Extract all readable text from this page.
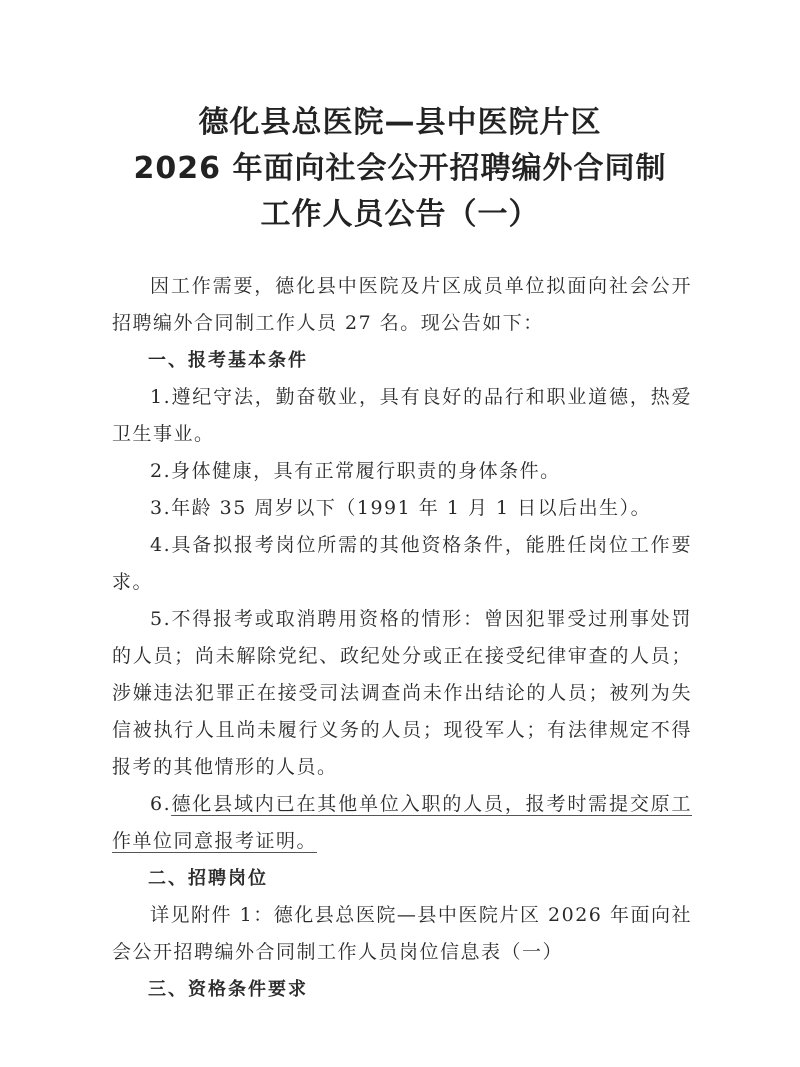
德化县总医院—县中医院片区
2026 年面向社会公开招聘编外合同制
工作人员公告（一）

因工作需要，德化县中医院及片区成员单位拟面向社会公开招聘编外合同制工作人员 27 名。现公告如下：

一、报考基本条件

1.遵纪守法，勤奋敬业，具有良好的品行和职业道德，热爱卫生事业。

2.身体健康，具有正常履行职责的身体条件。

3.年龄 35 周岁以下（1991 年 1 月 1 日以后出生）。

4.具备拟报考岗位所需的其他资格条件，能胜任岗位工作要求。

5.不得报考或取消聘用资格的情形：曾因犯罪受过刑事处罚的人员；尚未解除党纪、政纪处分或正在接受纪律审查的人员；涉嫌违法犯罪正在接受司法调查尚未作出结论的人员；被列为失信被执行人且尚未履行义务的人员；现役军人；有法律规定不得报考的其他情形的人员。

6.德化县域内已在其他单位入职的人员，报考时需提交原工作单位同意报考证明。

二、招聘岗位

详见附件 1：德化县总医院—县中医院片区 2026 年面向社会公开招聘编外合同制工作人员岗位信息表（一）

三、资格条件要求
